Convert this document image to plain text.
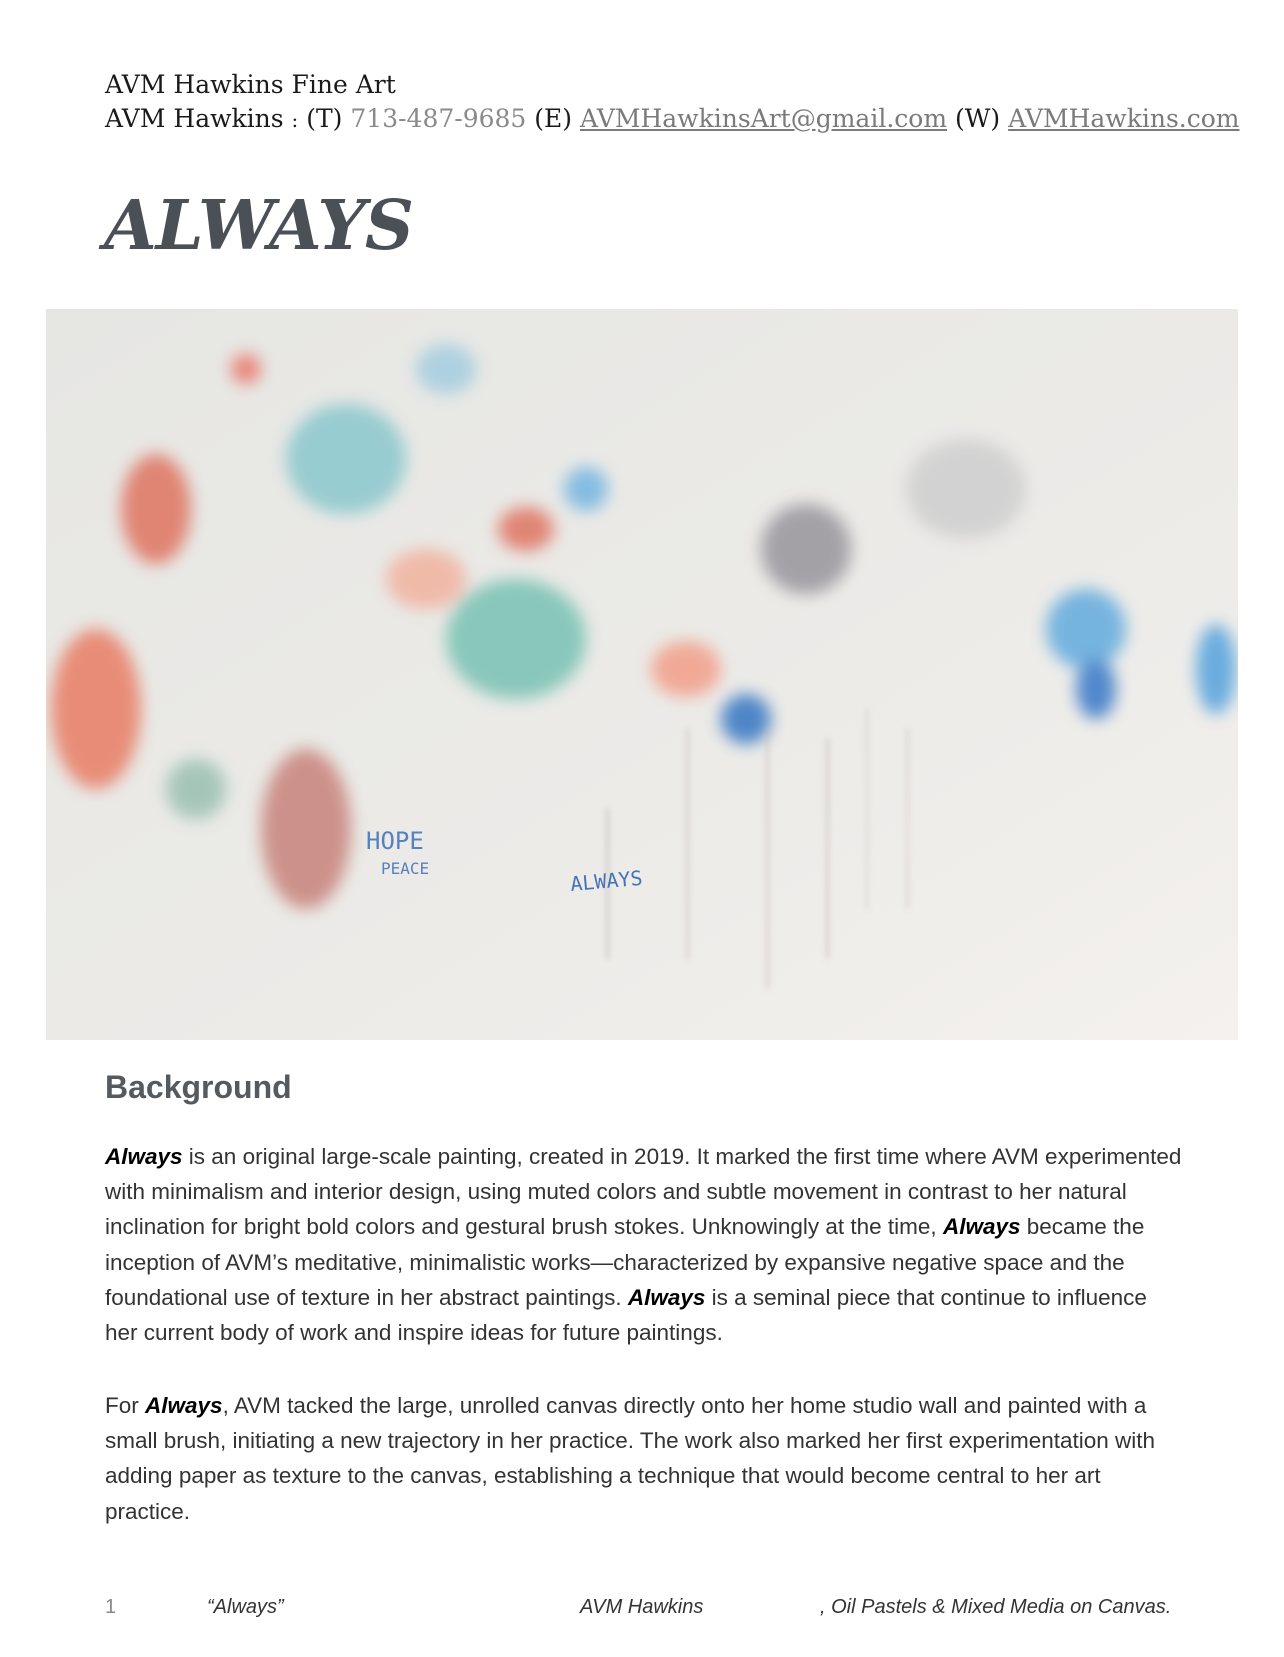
AVM Hawkins Fine Art
AVM Hawkins : (T) 713-487-9685 (E) AVMHawkinsArt@gmail.com (W) AVMHawkins.com
ALWAYS
HOPE
PEACE	ALWAYS
Background

Always is an original large-scale painting, created in 2019. It marked the first time where AVM experimented with minimalism and interior design, using muted colors and subtle movement in contrast to her natural inclination for bright bold colors and gestural brush stokes. Unknowingly at the time, Always became the inception of AVM’s meditative, minimalistic works—characterized by expansive negative space and the foundational use of texture in her abstract paintings. Always is a seminal piece that continue to influence her current body of work and inspire ideas for future paintings.

For Always, AVM tacked the large, unrolled canvas directly onto her home studio wall and painted with a small brush, initiating a new trajectory in her practice. The work also marked her first experimentation with adding paper as texture to the canvas, establishing a technique that would become central to her art practice.

1	“Always”	AVM Hawkins	, Oil Pastels & Mixed Media on Canvas.
